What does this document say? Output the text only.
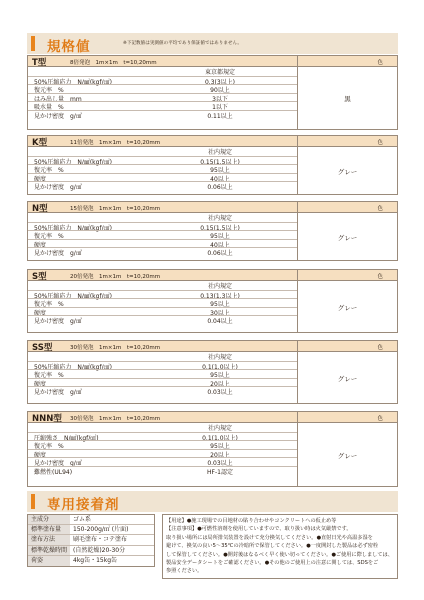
規格値	※下記数値は実測値の平均であり保証値ではありません。
T型	8倍発泡　1m×1m　t=10,20mm	色
東京都規定
50%圧縮応力　N/㎟(kgf/㎠)	0.3(3以上)
復元率　%	90以上
はみ出し量　mm	3以下
吸水量　%	1以下
見かけ密度　g/㎤	0.11以上
黒
K型	11倍発泡　1m×1m　t=10,20mm	色
社内規定
50%圧縮応力　N/㎟(kgf/㎠)	0.15(1.5以上)
復元率　%	95以上
硬度	40以上
見かけ密度　g/㎤	0.06以上
グレー
N型	15倍発泡　1m×1m　t=10,20mm	色
社内規定
50%圧縮応力　N/㎟(kgf/㎠)	0.15(1.5以上)
復元率　%	95以上
硬度	40以上
見かけ密度　g/㎤	0.06以上
グレー
S型	20倍発泡　1m×1m　t=10,20mm	色
社内規定
50%圧縮応力　N/㎟(kgf/㎠)	0.13(1.3以上)
復元率　%	95以上
硬度	30以上
見かけ密度　g/㎤	0.04以上
グレー
SS型	30倍発泡　1m×1m　t=10,20mm	色
社内規定
50%圧縮応力　N/㎟(kgf/㎠)	0.1(1.0以上)
復元率　%	95以上
硬度	20以上
見かけ密度　g/㎤	0.03以上
グレー
NNN型 30倍発泡　1m×1m　t=10,20mm	色
社内規定
圧縮強さ　N/㎟(kgf/㎠)	0.1(1.0以上)
復元率　%	95以上
硬度	20以上
見かけ密度　g/㎤	0.03以上
難燃性(UL94)	HF-1認定
グレー
専用接着剤
主成分	ゴム系
標準塗布量	150-200g/㎡ (片面)
塗布方法	刷毛塗布・コテ塗布
標準乾燥時間 (自然乾燥)20-30分
荷姿	4kg缶・15kg缶
【用途】●施工現場での目地材の貼り合わせやコンクリートへの仮止め等
【注意事項】●可燃性溶剤を使用していますので、取り扱い時は火気厳禁です。
取り扱い場所には局所排気装置を設けて充分換気してください。●直射日光や高温多湿を
避けて、換気の良い5〜35℃の冷暗所で保管してください。●一度開封した製品は必ず密栓
して保管してください。●開封後はなるべく早く使い切ってください。●ご使用に際しましては、
製品安全データシートをご確認ください。●その他のご使用上の注意に関しては、SDSをご
参照ください。
